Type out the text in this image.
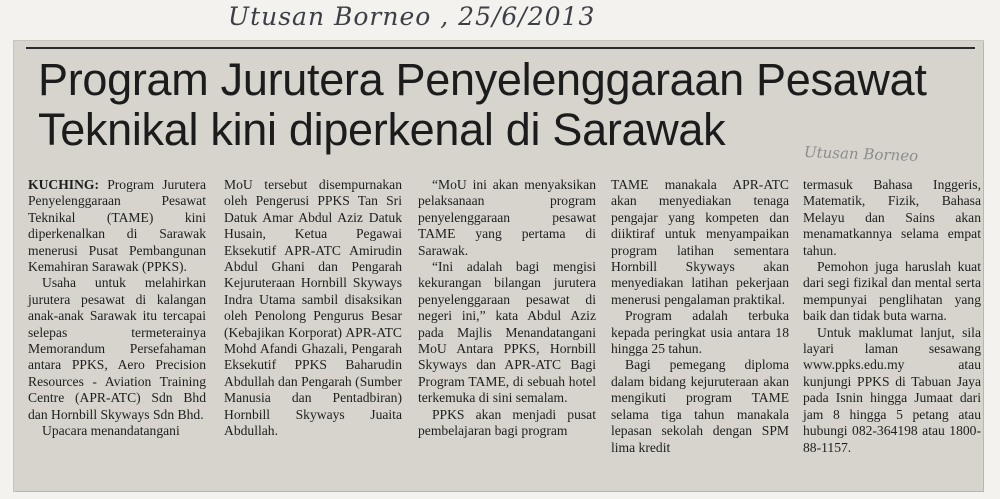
Utusan Borneo , 25/6/2013
Program Jurutera Penyelenggaraan Pesawat
Teknikal kini diperkenal di Sarawak	Utusan Borneo

KUCHING: Program Jurutera Penyelenggaraan Pesawat Teknikal (TAME) kini diperkenalkan di Sarawak menerusi Pusat Pembangunan Kemahiran Sarawak (PPKS).

Usaha untuk melahirkan jurutera pesawat di kalangan anak-anak Sarawak itu tercapai selepas termeterainya Memorandum Persefahaman antara PPKS, Aero Precision Resources - Aviation Training Centre (APR-ATC) Sdn Bhd dan Hornbill Skyways Sdn Bhd.

Upacara menandatangani

MoU tersebut disempurnakan oleh Pengerusi PPKS Tan Sri Datuk Amar Abdul Aziz Datuk Husain, Ketua Pegawai Eksekutif APR-ATC Amirudin Abdul Ghani dan Pengarah Kejuruteraan Hornbill Skyways Indra Utama sambil disaksikan oleh Penolong Pengurus Besar (Kebajikan Korporat) APR-ATC Mohd Afandi Ghazali, Pengarah Eksekutif PPKS Baharudin Abdullah dan Pengarah (Sumber Manusia dan Pentadbiran) Hornbill Skyways Juaita Abdullah.

“MoU ini akan menyaksikan pelaksanaan program penyelenggaraan pesawat TAME yang pertama di Sarawak.

“Ini adalah bagi mengisi kekurangan bilangan jurutera penyelenggaraan pesawat di negeri ini,” kata Abdul Aziz pada Majlis Menandatangani MoU Antara PPKS, Hornbill Skyways dan APR-ATC Bagi Program TAME, di sebuah hotel terkemuka di sini semalam.

PPKS akan menjadi pusat pembelajaran bagi program

TAME manakala APR-ATC akan menyediakan tenaga pengajar yang kompeten dan diiktiraf untuk menyampaikan program latihan sementara Hornbill Skyways akan menyediakan latihan pekerjaan menerusi pengalaman praktikal.

Program adalah terbuka kepada peringkat usia antara 18 hingga 25 tahun.

Bagi pemegang diploma dalam bidang kejuruteraan akan mengikuti program TAME selama tiga tahun manakala lepasan sekolah dengan SPM lima kredit

termasuk Bahasa Inggeris, Matematik, Fizik, Bahasa Melayu dan Sains akan menamatkannya selama empat tahun.

Pemohon juga haruslah kuat dari segi fizikal dan mental serta mempunyai penglihatan yang baik dan tidak buta warna.

Untuk maklumat lanjut, sila layari laman sesawang www.ppks.edu.my atau kunjungi PPKS di Tabuan Jaya pada Isnin hingga Jumaat dari jam 8 hingga 5 petang atau hubungi 082-364198 atau 1800-88-1157.
